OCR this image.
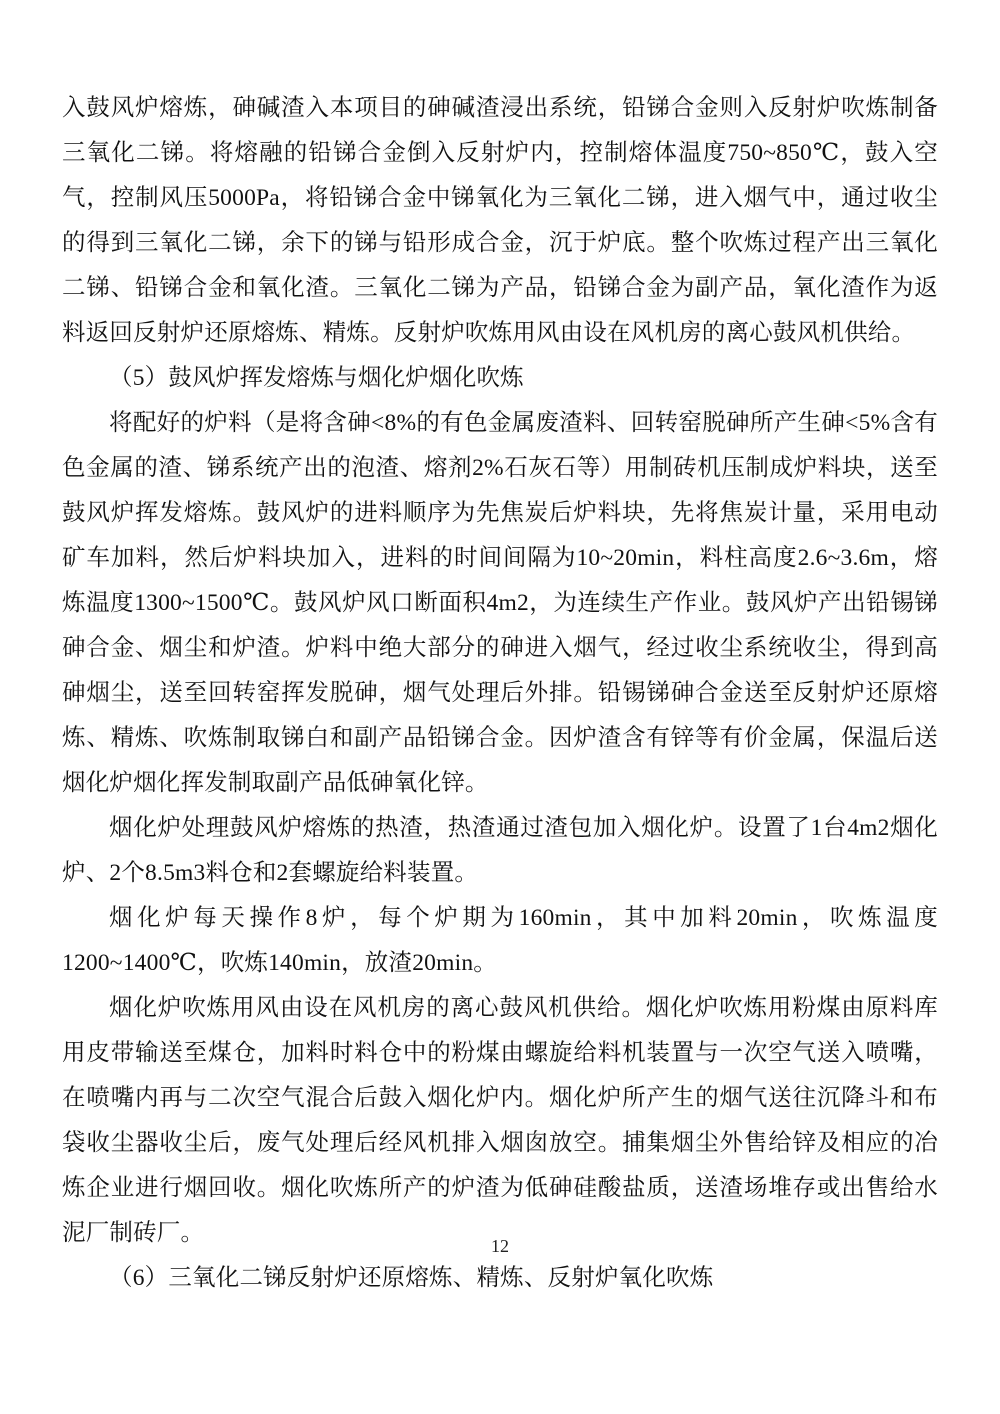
入鼓风炉熔炼，砷碱渣入本项目的砷碱渣浸出系统，铅锑合金则入反射炉吹炼制备三氧化二锑。将熔融的铅锑合金倒入反射炉内，控制熔体温度750~850℃，鼓入空气，控制风压5000Pa，将铅锑合金中锑氧化为三氧化二锑，进入烟气中，通过收尘的得到三氧化二锑，余下的锑与铅形成合金，沉于炉底。整个吹炼过程产出三氧化二锑、铅锑合金和氧化渣。三氧化二锑为产品，铅锑合金为副产品，氧化渣作为返料返回反射炉还原熔炼、精炼。反射炉吹炼用风由设在风机房的离心鼓风机供给。

（5）鼓风炉挥发熔炼与烟化炉烟化吹炼

将配好的炉料（是将含砷<8%的有色金属废渣料、回转窑脱砷所产生砷<5%含有色金属的渣、锑系统产出的泡渣、熔剂2%石灰石等）用制砖机压制成炉料块，送至鼓风炉挥发熔炼。鼓风炉的进料顺序为先焦炭后炉料块，先将焦炭计量，采用电动矿车加料，然后炉料块加入，进料的时间间隔为10~20min，料柱高度2.6~3.6m，熔炼温度1300~1500℃。鼓风炉风口断面积4m2，为连续生产作业。鼓风炉产出铅锡锑砷合金、烟尘和炉渣。炉料中绝大部分的砷进入烟气，经过收尘系统收尘，得到高砷烟尘，送至回转窑挥发脱砷，烟气处理后外排。铅锡锑砷合金送至反射炉还原熔炼、精炼、吹炼制取锑白和副产品铅锑合金。因炉渣含有锌等有价金属，保温后送烟化炉烟化挥发制取副产品低砷氧化锌。

烟化炉处理鼓风炉熔炼的热渣，热渣通过渣包加入烟化炉。设置了1台4m2烟化炉、2个8.5m3料仓和2套螺旋给料装置。

烟化炉每天操作8炉，每个炉期为160min，其中加料20min，吹炼温度1200~1400℃，吹炼140min，放渣20min。

烟化炉吹炼用风由设在风机房的离心鼓风机供给。烟化炉吹炼用粉煤由原料库用皮带输送至煤仓，加料时料仓中的粉煤由螺旋给料机装置与一次空气送入喷嘴，在喷嘴内再与二次空气混合后鼓入烟化炉内。烟化炉所产生的烟气送往沉降斗和布袋收尘器收尘后，废气处理后经风机排入烟囱放空。捕集烟尘外售给锌及相应的冶炼企业进行烟回收。烟化吹炼所产的炉渣为低砷硅酸盐质，送渣场堆存或出售给水泥厂制砖厂。

（6）三氧化二锑反射炉还原熔炼、精炼、反射炉氧化吹炼

12
